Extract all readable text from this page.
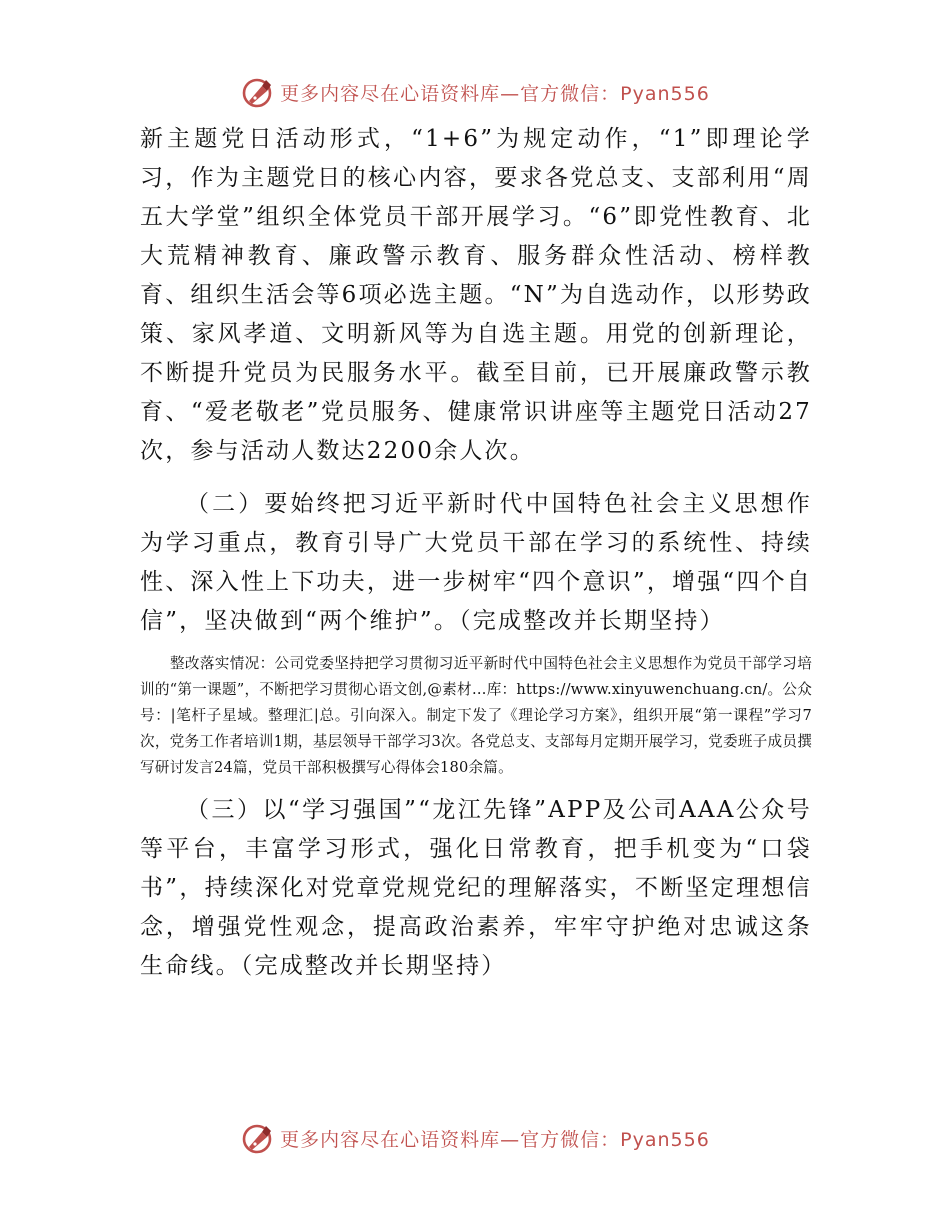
更多内容尽在心语资料库—官方微信：Pyan556

新主题党日活动形式，“1+6”为规定动作，“1”即理论学习，作为主题党日的核心内容，要求各党总支、支部利用“周五大学堂”组织全体党员干部开展学习。“6”即党性教育、北大荒精神教育、廉政警示教育、服务群众性活动、榜样教育、组织生活会等6项必选主题。“N”为自选动作，以形势政策、家风孝道、文明新风等为自选主题。用党的创新理论，不断提升党员为民服务水平。截至目前，已开展廉政警示教育、“爱老敬老”党员服务、健康常识讲座等主题党日活动27次，参与活动人数达2200余人次。

（二）要始终把习近平新时代中国特色社会主义思想作为学习重点，教育引导广大党员干部在学习的系统性、持续性、深入性上下功夫，进一步树牢“四个意识”，增强“四个自信”，坚决做到“两个维护”。（完成整改并长期坚持）

整改落实情况：公司党委坚持把学习贯彻习近平新时代中国特色社会主义思想作为党员干部学习培训的“第一课题”，不断把学习贯彻心语文创,@素材…库：https://www.xinyuwenchuang.cn/。公众号：|笔杆子星域。整理汇|总。引向深入。制定下发了《理论学习方案》，组织开展“第一课程”学习7次，党务工作者培训1期，基层领导干部学习3次。各党总支、支部每月定期开展学习，党委班子成员撰写研讨发言24篇，党员干部积极撰写心得体会180余篇。

（三）以“学习强国”“龙江先锋”APP及公司AAA公众号等平台，丰富学习形式，强化日常教育，把手机变为“口袋书”，持续深化对党章党规党纪的理解落实，不断坚定理想信念，增强党性观念，提高政治素养，牢牢守护绝对忠诚这条生命线。（完成整改并长期坚持）

更多内容尽在心语资料库—官方微信：Pyan556
